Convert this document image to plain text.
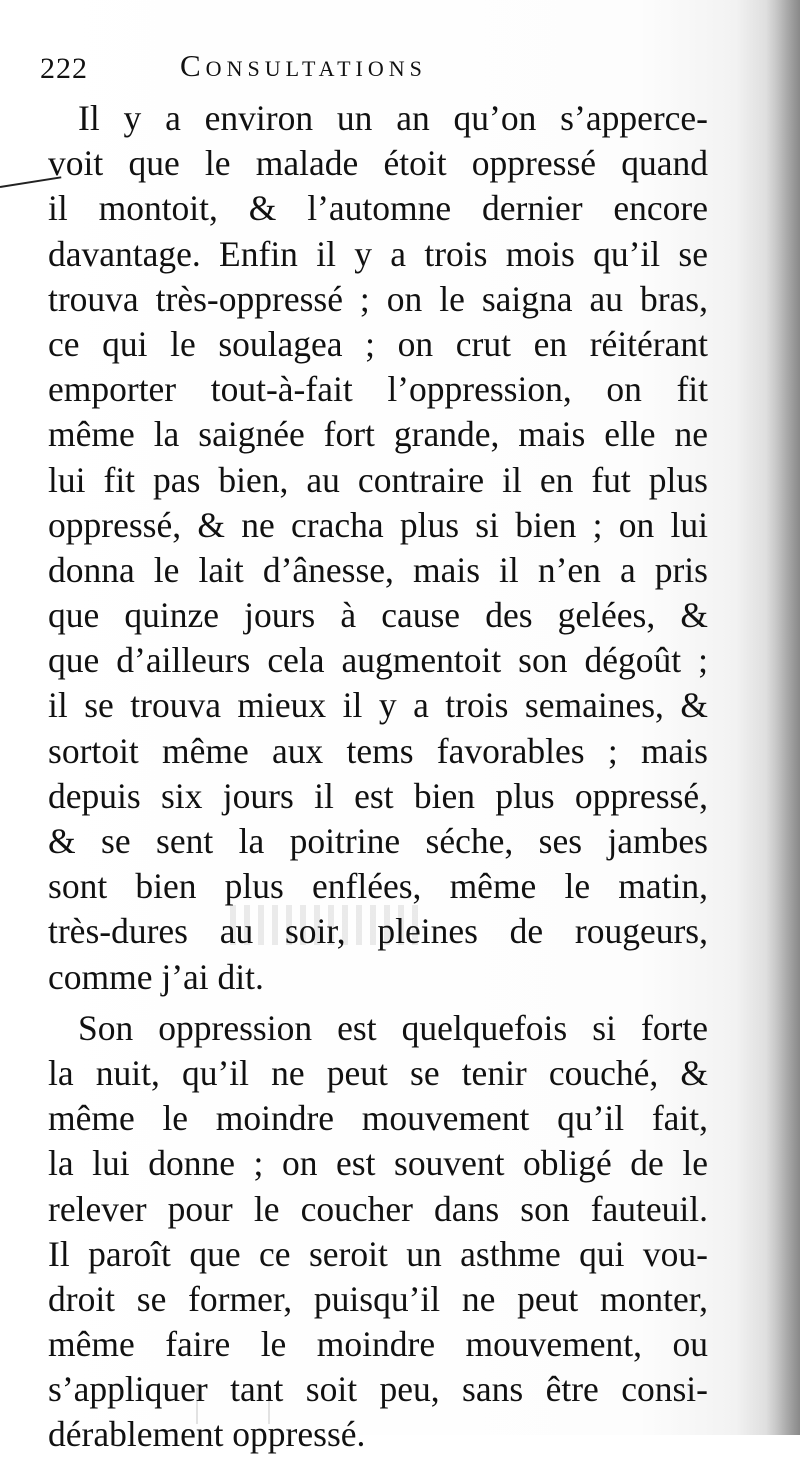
222	Consultations
Il y a environ un an qu’on s’apperce-
voit que le malade étoit oppressé quand
il montoit, & l’automne dernier encore
davantage. Enfin il y a trois mois qu’il se
trouva très-oppressé ; on le saigna au bras,
ce qui le soulagea ; on crut en réitérant
emporter tout-à-fait l’oppression, on fit
même la saignée fort grande, mais elle ne
lui fit pas bien, au contraire il en fut plus
oppressé, & ne cracha plus si bien ; on lui
donna le lait d’ânesse, mais il n’en a pris
que quinze jours à cause des gelées, &
que d’ailleurs cela augmentoit son dégoût ;
il se trouva mieux il y a trois semaines, &
sortoit même aux tems favorables ; mais
depuis six jours il est bien plus oppressé,
& se sent la poitrine séche, ses jambes
sont bien plus enflées, même le matin,
très-dures au soir, pleines de rougeurs,
comme j’ai dit.
Son oppression est quelquefois si forte
la nuit, qu’il ne peut se tenir couché, &
même le moindre mouvement qu’il fait,
la lui donne ; on est souvent obligé de le
relever pour le coucher dans son fauteuil.
Il paroît que ce seroit un asthme qui vou-
droit se former, puisqu’il ne peut monter,
même faire le moindre mouvement, ou
s’appliquer tant soit peu, sans être consi-
dérablement oppressé.
